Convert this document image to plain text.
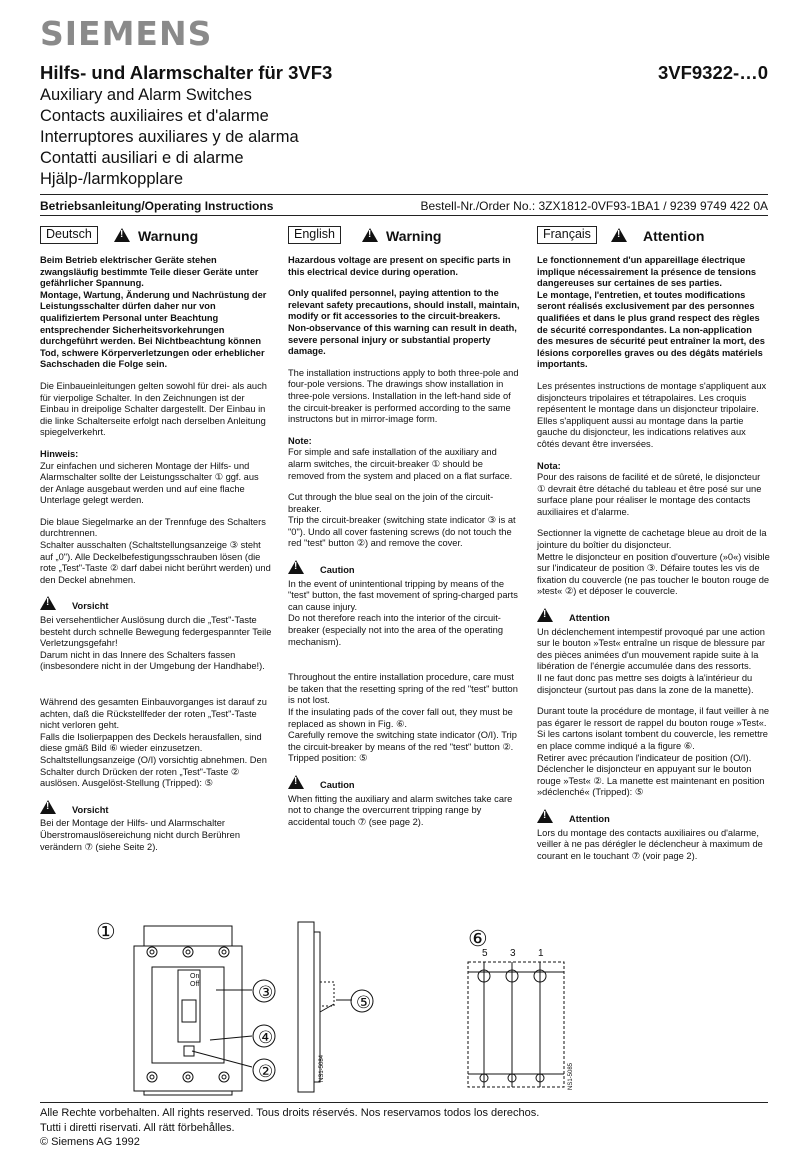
SIEMENS
Hilfs- und Alarmschalter für 3VF3	3VF9322-…0
Auxiliary and Alarm Switches
Contacts auxiliaires et d'alarme
Interruptores auxiliares y de alarma
Contatti ausiliari e di alarme
Hjälp-/larmkopplare
Betriebsanleitung/Operating Instructions	Bestell-Nr./Order No.: 3ZX1812-0VF93-1BA1 / 9239 9749 422 0A
Deutsch !	Warnung

Beim Betrieb elektrischer Geräte stehen zwangsläufig bestimmte Teile dieser Geräte unter gefährlicher Spannung.

Montage, Wartung, Änderung und Nachrüstung der Leistungsschalter dürfen daher nur von qualifiziertem Personal unter Beachtung entsprechender Sicherheitsvorkehrungen durchgeführt werden. Bei Nichtbeachtung können Tod, schwere Körperverletzungen oder erheblicher Sachschaden die Folge sein.

Die Einbaueinleitungen gelten sowohl für drei- als auch für vierpolige Schalter. In den Zeichnungen ist der Einbau in dreipolige Schalter dargestellt. Der Einbau in die linke Schalterseite erfolgt nach derselben Anleitung spiegelverkehrt.

Hinweis:

Zur einfachen und sicheren Montage der Hilfs- und Alarmschalter sollte der Leistungsschalter ① ggf. aus der Anlage ausgebaut werden und auf eine flache Unterlage gelegt werden.

Die blaue Siegelmarke an der Trennfuge des Schalters durchtrennen.

Schalter ausschalten (Schaltstellungsanzeige ③ steht auf „0"). Alle Deckelbefestigungsschrauben lösen (die rote „Test"-Taste ② darf dabei nicht berührt werden) und den Deckel abnehmen.

!Vorsicht

Bei versehentlicher Auslösung durch die „Test"-Taste besteht durch schnelle Bewegung federgespannter Teile Verletzungsgefahr!

Darum nicht in das Innere des Schalters fassen (insbesondere nicht in der Umgebung der Handhabe!).

Während des gesamten Einbauvorganges ist darauf zu achten, daß die Rückstellfeder der roten „Test"-Taste nicht verloren geht.

Falls die Isolierpappen des Deckels herausfallen, sind diese gmäß Bild ⑥ wieder einzusetzen.

Schaltstellungsanzeige (O/I) vorsichtig abnehmen. Den Schalter durch Drücken der roten „Test"-Taste ② auslösen. Ausgelöst-Stellung (Tripped): ⑤

!Vorsicht

Bei der Montage der Hilfs- und Alarmschalter Überstromauslösereichung nicht durch Berühren verändern ⑦ (siehe Seite 2).

English !	Warning

Hazardous voltage are present on specific parts in this electrical device during operation.

Only qualifed personnel, paying attention to the relevant safety precautions, should install, maintain, modify or fit accessories to the circuit-breakers. Non-observance of this warning can result in death, severe personal injury or substantial property damage.

The installation instructions apply to both three-pole and four-pole versions. The drawings show installation in three-pole versions. Installation in the left-hand side of the circuit-breaker is performed according to the same instructons but in mirror-image form.

Note:

For simple and safe installation of the auxiliary and alarm switches, the circuit-breaker ① should be removed from the system and placed on a flat surface.

Cut through the blue seal on the join of the circuit-breaker.

Trip the circuit-breaker (switching state indicator ③ is at "0"). Undo all cover fastening screws (do not touch the red "test" button ②) and remove the cover.

!Caution

In the event of unintentional tripping by means of the "test" button, the fast movement of spring-charged parts can cause injury.

Do not therefore reach into the interior of the circuit-breaker (especially not into the area of the operating mechanism).

Throughout the entire installation procedure, care must be taken that the resetting spring of the red "test" button is not lost.

If the insulating pads of the cover fall out, they must be replaced as shown in Fig. ⑥.

Carefully remove the switching state indicator (O/I). Trip the circuit-breaker by means of the red "test" button ②. Tripped position: ⑤

!Caution

When fitting the auxiliary and alarm switches take care not to change the overcurrent tripping range by accidental touch ⑦ (see page 2).

Français !	Attention

Le fonctionnement d'un appareillage électrique implique nécessairement la présence de tensions dangereuses sur certaines de ses parties.

Le montage, l'entretien, et toutes modifications seront réalisés exclusivement par des personnes qualifiées et dans le plus grand respect des règles de sécurité correspondantes. La non-application des mesures de sécurité peut entraîner la mort, des lésions corporelles graves ou des dégâts matériels importants.

Les présentes instructions de montage s'appliquent aux disjoncteurs tripolaires et tétrapolaires. Les croquis repésentent le montage dans un disjoncteur tripolaire. Elles s'appliquent aussi au montage dans la partie gauche du disjoncteur, les indications relatives aux côtés devant être inversées.

Nota:

Pour des raisons de facilité et de sûreté, le disjoncteur ① devrait être détaché du tableau et être posé sur une surface plane pour réaliser le montage des contacts auxiliaires et d'alarme.

Sectionner la vignette de cachetage bleue au droit de la jointure du boîtier du disjoncteur.

Mettre le disjoncteur en position d'ouverture (»0«) visible sur l'indicateur de position ③. Défaire toutes les vis de fixation du couvercle (ne pas toucher le bouton rouge de »test« ②) et déposer le couvercle.

!Attention

Un déclenchement intempestif provoqué par une action sur le bouton »Test« entraîne un risque de blessure par des pièces animées d'un mouvement rapide suite à la libération de l'énergie accumulée dans des ressorts.

Il ne faut donc pas mettre ses doigts à la'intérieur du disjoncteur (surtout pas dans la zone de la manette).

Durant toute la procédure de montage, il faut veiller à ne pas égarer le ressort de rappel du bouton rouge »Test«.

Si les cartons isolant tombent du couvercle, les remettre en place comme indiqué a la figure ⑥.

Retirer avec précaution l'indicateur de position (O/I). Déclencher le disjoncteur en appuyant sur le bouton rouge »Test« ②. La manette est maintenant en position »déclenché« (Tripped): ⑤

!Attention

Lors du montage des contacts auxiliaires ou d'alarme, veiller à ne pas dérégler le déclencheur à maximum de courant en le touchant ⑦ (voir page 2).

①
On
Off	③
④
②
⑤
NS1-5084
⑥
5 3 1
NS1-5085
Alle Rechte vorbehalten. All rights reserved. Tous droits réservés. Nos reservamos todos los derechos.
Tutti i diretti riservati. All rätt förbehålles.
© Siemens AG 1992
